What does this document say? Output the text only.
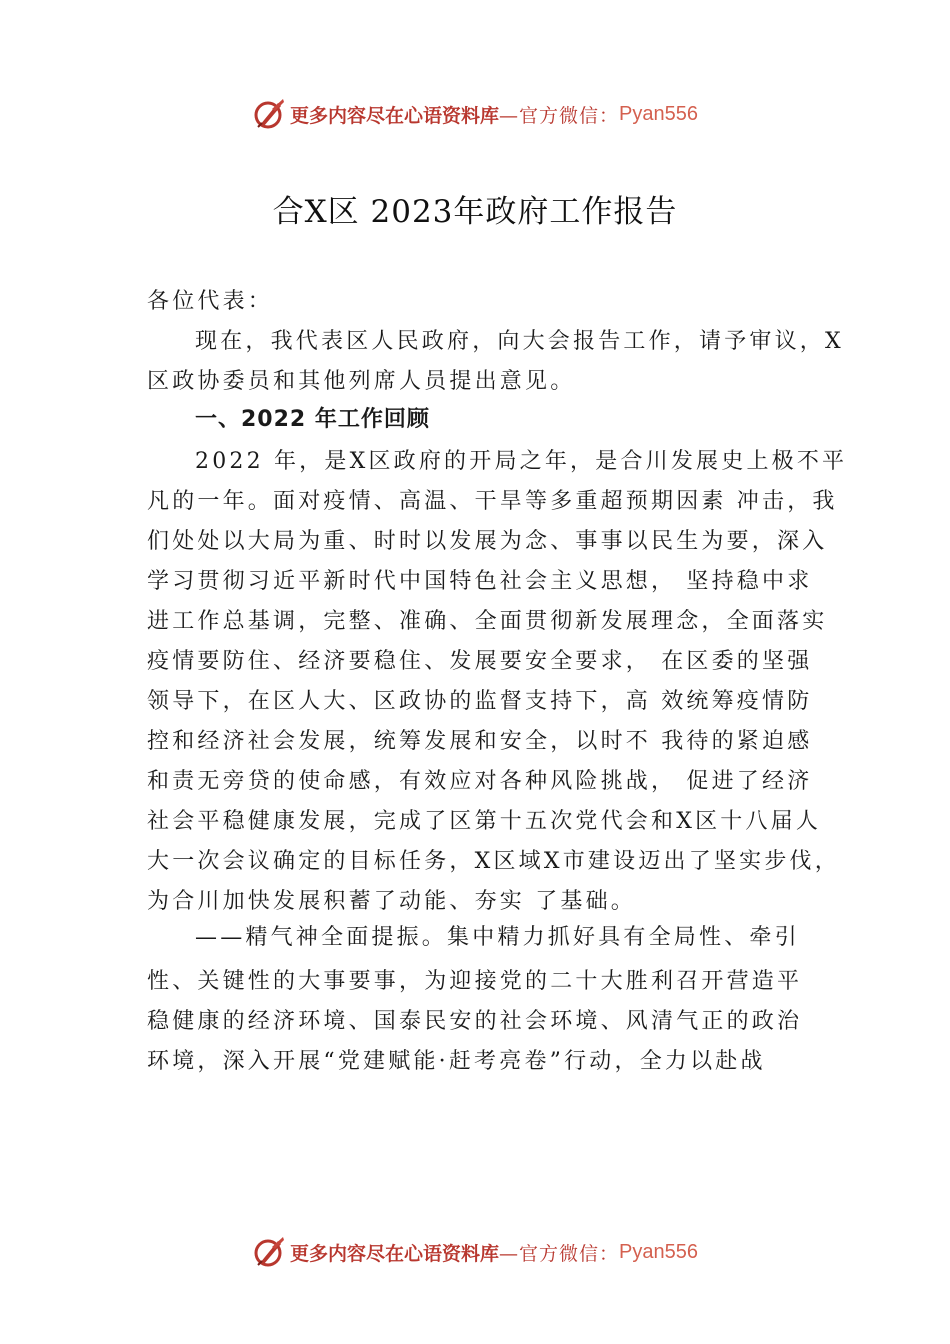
更多内容尽在心语资料库 —官方微信： Pyan556
合X区 2023年政府工作报告
各位代表：
现在，我代表区人民政府，向大会报告工作，请予审议，X
区政协委员和其他列席人员提出意见。
一、2022 年工作回顾
2022 年，是X区政府的开局之年，是合川发展史上极不平
凡的一年。面对疫情、高温、干旱等多重超预期因素 冲击，我
们处处以大局为重、时时以发展为念、事事以民生为要，深入
学习贯彻习近平新时代中国特色社会主义思想， 坚持稳中求
进工作总基调，完整、准确、全面贯彻新发展理念，全面落实
疫情要防住、经济要稳住、发展要安全要求， 在区委的坚强
领导下，在区人大、区政协的监督支持下，高 效统筹疫情防
控和经济社会发展，统筹发展和安全，以时不 我待的紧迫感
和责无旁贷的使命感，有效应对各种风险挑战， 促进了经济
社会平稳健康发展，完成了区第十五次党代会和X区十八届人
大一次会议确定的目标任务，X区域X市建设迈出了坚实步伐，
为合川加快发展积蓄了动能、夯实 了基础。
——精气神全面提振。集中精力抓好具有全局性、牵引
性、关键性的大事要事，为迎接党的二十大胜利召开营造平
稳健康的经济环境、国泰民安的社会环境、风清气正的政治
环境，深入开展“党建赋能·赶考亮卷”行动，全力以赴战
更多内容尽在心语资料库 —官方微信： Pyan556
